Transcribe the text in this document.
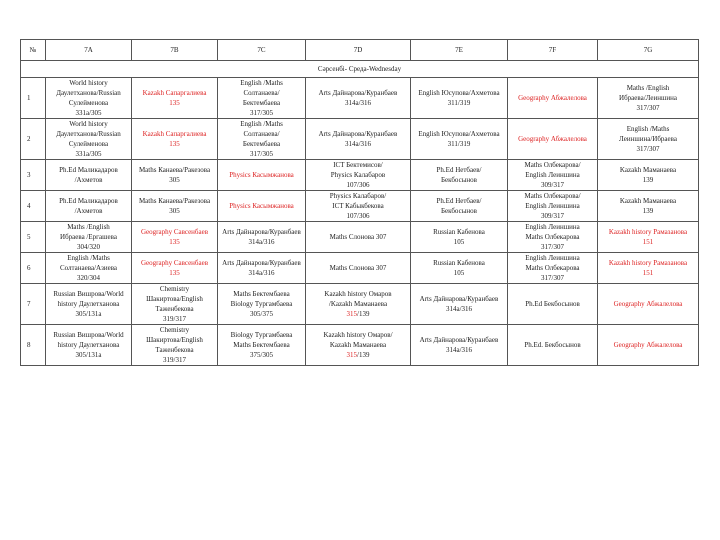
№	7A	7B	7C	7D	7E	7F	7G
Сәрсенбі- Среда-Wednesday							
1	World history
Даулетханова/Russian
Сулейменова
331а/305	Kazakh Сапаргалиева
135	English /Maths
Солтанаева/
Бектембаева
317/305	Arts Дайнарова/Куранбаев
314а/316	English Юсупова/Ахметова
311/319	Geography Абжалелова	Maths /English
Ибраева/Леиншина
317/307
2	World history
Даулетханова/Russian
Сулейменова
331а/305	Kazakh Сапаргалиева
135	English /Maths
Солтанаева/
Бектембаева
317/305	Arts Дайнарова/Куранбаев
314а/316	English Юсупова/Ахметова
311/319	Geography Абжалелова	English /Maths
Леиншина/Ибраева
317/307
3	Ph.Ed Маликадаров
/Ахметов	Maths Канаева/Ракезова
305	Physics Касымжанова	ICT Бектемисов/
Physics Калабаров
107/306	Ph.Ed Нетбаев/
Бекбосынов	Maths Олбекарова/
English Леиншина
309/317	Kazakh Маманаева
139
4	Ph.Ed Маликадаров
/Ахметов	Maths Канаева/Ракезова
305	Physics Касымжанова	Physics Калабаров/
ICT Кабыкбекова
107/306	Ph.Ed Нетбаев/
Бекбосынов	Maths Олбекарова/
English Леиншина
309/317	Kazakh Маманаева
139
5	Maths /English
Ибраева /Ергашева
304/320	Geography Савсенбаев
135	Arts Дайнарова/Куранбаев
314а/316	Maths Слонова 307	Russian Кабенова
105	English Леиншина
Maths Олбекарова
317/307	Kazakh history Рамазанова
151
6	English /Maths
Солтанаева/Азиева
320/304	Geography Савсенбаев
135	Arts Дайнарова/Куранбаев
314а/316	Maths Слонова 307	Russian Кабенова
105	English Леиншина
Maths Олбекарова
317/307	Kazakh history Рамазанова
151
7	Russian Вишрова/World
history Даулетханова
305/131а	Chemistry
Шакиртова/English
Таженбекова
319/317	Maths Бектембаева
Biology Тургамбаева
305/375	Kazakh history Омаров
/Kazakh Маманаева
315/139	Arts Дайнарова/Куранбаев
314а/316	Ph.Ed Бекбосынов	Geography Абжалелова
8	Russian Вишрова/World
history Даулетханова
305/131а	Chemistry
Шакиртова/English
Таженбекова
319/317	Biology Тургамбаева
Maths Бектембаева
375/305	Kazakh history Омаров/
Kazakh Маманаева
315/139	Arts Дайнарова/Куранбаев
314а/316	Ph.Ed. Бекбосынов	Geography Абжалелова
